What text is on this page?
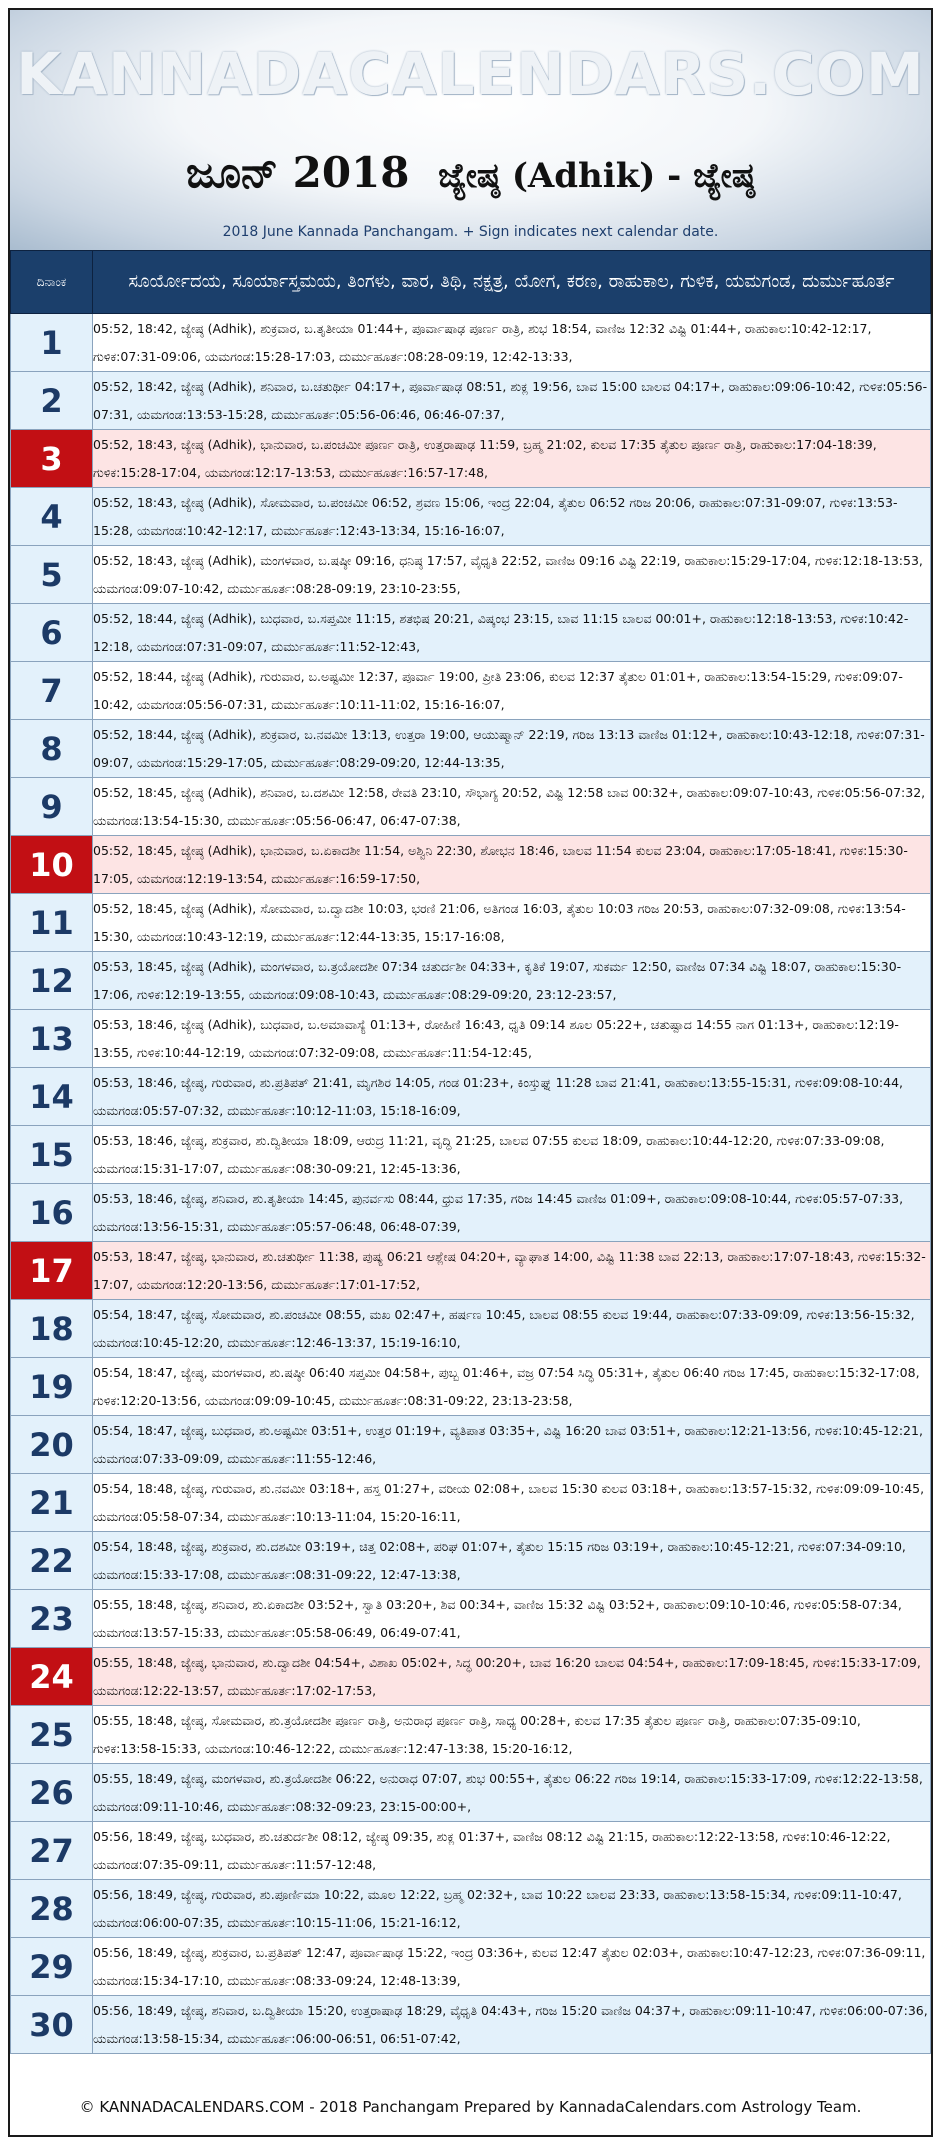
KANNADACALENDARS.COM
ಜೂನ್ 2018 ಜ್ಯೇಷ್ಠ (Adhik) - ಜ್ಯೇಷ್ಠ
2018 June Kannada Panchangam. + Sign indicates next calendar date.
ದಿನಾಂಕ	ಸೂರ್ಯೋದಯ, ಸೂರ್ಯಾಸ್ತಮಯ, ತಿಂಗಳು, ವಾರ, ತಿಥಿ, ನಕ್ಷತ್ರ, ಯೋಗ, ಕರಣ, ರಾಹುಕಾಲ, ಗುಳಿಕ, ಯಮಗಂಡ, ದುರ್ಮುಹೂರ್ತ
1	05:52, 18:42, ಜ್ಯೇಷ್ಠ (Adhik), ಶುಕ್ರವಾರ, ಬ.ತೃತೀಯಾ 01:44+, ಪೂರ್ವಾಷಾಢ ಪೂರ್ಣ ರಾತ್ರಿ, ಶುಭ 18:54, ವಾಣಿಜ 12:32 ವಿಷ್ಟಿ 01:44+, ರಾಹುಕಾಲ:10:42-12:17, ಗುಳಿಕ:07:31-09:06, ಯಮಗಂಡ:15:28-17:03, ದುರ್ಮುಹೂರ್ತ:08:28-09:19, 12:42-13:33,
2	05:52, 18:42, ಜ್ಯೇಷ್ಠ (Adhik), ಶನಿವಾರ, ಬ.ಚತುರ್ಥೀ 04:17+, ಪೂರ್ವಾಷಾಢ 08:51, ಶುಕ್ಲ 19:56, ಬಾವ 15:00 ಬಾಲವ 04:17+, ರಾಹುಕಾಲ:09:06-10:42, ಗುಳಿಕ:05:56-07:31, ಯಮಗಂಡ:13:53-15:28, ದುರ್ಮುಹೂರ್ತ:05:56-06:46, 06:46-07:37,
3	05:52, 18:43, ಜ್ಯೇಷ್ಠ (Adhik), ಭಾನುವಾರ, ಬ.ಪಂಚಮೀ ಪೂರ್ಣ ರಾತ್ರಿ, ಉತ್ತರಾಷಾಢ 11:59, ಬ್ರಹ್ಮ 21:02, ಕುಲವ 17:35 ತೈತುಲ ಪೂರ್ಣ ರಾತ್ರಿ, ರಾಹುಕಾಲ:17:04-18:39, ಗುಳಿಕ:15:28-17:04, ಯಮಗಂಡ:12:17-13:53, ದುರ್ಮುಹೂರ್ತ:16:57-17:48,
4	05:52, 18:43, ಜ್ಯೇಷ್ಠ (Adhik), ಸೋಮವಾರ, ಬ.ಪಂಚಮೀ 06:52, ಶ್ರವಣ 15:06, ಇಂದ್ರ 22:04, ತೈತುಲ 06:52 ಗರಿಜ 20:06, ರಾಹುಕಾಲ:07:31-09:07, ಗುಳಿಕ:13:53-15:28, ಯಮಗಂಡ:10:42-12:17, ದುರ್ಮುಹೂರ್ತ:12:43-13:34, 15:16-16:07,
5	05:52, 18:43, ಜ್ಯೇಷ್ಠ (Adhik), ಮಂಗಳವಾರ, ಬ.ಷಷ್ಠೀ 09:16, ಧನಿಷ್ಠ 17:57, ವೈಧೃತಿ 22:52, ವಾಣಿಜ 09:16 ವಿಷ್ಟಿ 22:19, ರಾಹುಕಾಲ:15:29-17:04, ಗುಳಿಕ:12:18-13:53, ಯಮಗಂಡ:09:07-10:42, ದುರ್ಮುಹೂರ್ತ:08:28-09:19, 23:10-23:55,
6	05:52, 18:44, ಜ್ಯೇಷ್ಠ (Adhik), ಬುಧವಾರ, ಬ.ಸಪ್ತಮೀ 11:15, ಶತಭಿಷ 20:21, ವಿಷ್ಕಂಭ 23:15, ಬಾವ 11:15 ಬಾಲವ 00:01+, ರಾಹುಕಾಲ:12:18-13:53, ಗುಳಿಕ:10:42-12:18, ಯಮಗಂಡ:07:31-09:07, ದುರ್ಮುಹೂರ್ತ:11:52-12:43,
7	05:52, 18:44, ಜ್ಯೇಷ್ಠ (Adhik), ಗುರುವಾರ, ಬ.ಅಷ್ಟಮೀ 12:37, ಪೂರ್ವಾ 19:00, ಪ್ರೀತಿ 23:06, ಕುಲವ 12:37 ತೈತುಲ 01:01+, ರಾಹುಕಾಲ:13:54-15:29, ಗುಳಿಕ:09:07-10:42, ಯಮಗಂಡ:05:56-07:31, ದುರ್ಮುಹೂರ್ತ:10:11-11:02, 15:16-16:07,
8	05:52, 18:44, ಜ್ಯೇಷ್ಠ (Adhik), ಶುಕ್ರವಾರ, ಬ.ನವಮೀ 13:13, ಉತ್ತರಾ 19:00, ಆಯುಷ್ಮಾನ್ 22:19, ಗರಿಜ 13:13 ವಾಣಿಜ 01:12+, ರಾಹುಕಾಲ:10:43-12:18, ಗುಳಿಕ:07:31-09:07, ಯಮಗಂಡ:15:29-17:05, ದುರ್ಮುಹೂರ್ತ:08:29-09:20, 12:44-13:35,
9	05:52, 18:45, ಜ್ಯೇಷ್ಠ (Adhik), ಶನಿವಾರ, ಬ.ದಶಮೀ 12:58, ರೇವತಿ 23:10, ಸೌಭಾಗ್ಯ 20:52, ವಿಷ್ಟಿ 12:58 ಬಾವ 00:32+, ರಾಹುಕಾಲ:09:07-10:43, ಗುಳಿಕ:05:56-07:32, ಯಮಗಂಡ:13:54-15:30, ದುರ್ಮುಹೂರ್ತ:05:56-06:47, 06:47-07:38,
10	05:52, 18:45, ಜ್ಯೇಷ್ಠ (Adhik), ಭಾನುವಾರ, ಬ.ಏಕಾದಶೀ 11:54, ಅಶ್ವಿನಿ 22:30, ಶೋಭನ 18:46, ಬಾಲವ 11:54 ಕುಲವ 23:04, ರಾಹುಕಾಲ:17:05-18:41, ಗುಳಿಕ:15:30-17:05, ಯಮಗಂಡ:12:19-13:54, ದುರ್ಮುಹೂರ್ತ:16:59-17:50,
11	05:52, 18:45, ಜ್ಯೇಷ್ಠ (Adhik), ಸೋಮವಾರ, ಬ.ದ್ವಾದಶೀ 10:03, ಭರಣಿ 21:06, ಅತಿಗಂಡ 16:03, ತೈತುಲ 10:03 ಗರಿಜ 20:53, ರಾಹುಕಾಲ:07:32-09:08, ಗುಳಿಕ:13:54-15:30, ಯಮಗಂಡ:10:43-12:19, ದುರ್ಮುಹೂರ್ತ:12:44-13:35, 15:17-16:08,
12	05:53, 18:45, ಜ್ಯೇಷ್ಠ (Adhik), ಮಂಗಳವಾರ, ಬ.ತ್ರಯೋದಶೀ 07:34 ಚತುರ್ದಶೀ 04:33+, ಕೃತಿಕೆ 19:07, ಸುಕರ್ಮ 12:50, ವಾಣಿಜ 07:34 ವಿಷ್ಟಿ 18:07, ರಾಹುಕಾಲ:15:30-17:06, ಗುಳಿಕ:12:19-13:55, ಯಮಗಂಡ:09:08-10:43, ದುರ್ಮುಹೂರ್ತ:08:29-09:20, 23:12-23:57,
13	05:53, 18:46, ಜ್ಯೇಷ್ಠ (Adhik), ಬುಧವಾರ, ಬ.ಅಮಾವಾಸ್ಯೆ 01:13+, ರೋಹಿಣಿ 16:43, ಧೃತಿ 09:14 ಶೂಲ 05:22+, ಚತುಷ್ಪಾದ 14:55 ನಾಗ 01:13+, ರಾಹುಕಾಲ:12:19-13:55, ಗುಳಿಕ:10:44-12:19, ಯಮಗಂಡ:07:32-09:08, ದುರ್ಮುಹೂರ್ತ:11:54-12:45,
14	05:53, 18:46, ಜ್ಯೇಷ್ಠ, ಗುರುವಾರ, ಶು.ಪ್ರತಿಪತ್ 21:41, ಮೃಗಶಿರ 14:05, ಗಂಡ 01:23+, ಕಿಂಸ್ತುಘ್ನ 11:28 ಬಾವ 21:41, ರಾಹುಕಾಲ:13:55-15:31, ಗುಳಿಕ:09:08-10:44, ಯಮಗಂಡ:05:57-07:32, ದುರ್ಮುಹೂರ್ತ:10:12-11:03, 15:18-16:09,
15	05:53, 18:46, ಜ್ಯೇಷ್ಠ, ಶುಕ್ರವಾರ, ಶು.ದ್ವಿತೀಯಾ 18:09, ಆರುದ್ರ 11:21, ವೃದ್ಧಿ 21:25, ಬಾಲವ 07:55 ಕುಲವ 18:09, ರಾಹುಕಾಲ:10:44-12:20, ಗುಳಿಕ:07:33-09:08, ಯಮಗಂಡ:15:31-17:07, ದುರ್ಮುಹೂರ್ತ:08:30-09:21, 12:45-13:36,
16	05:53, 18:46, ಜ್ಯೇಷ್ಠ, ಶನಿವಾರ, ಶು.ತೃತೀಯಾ 14:45, ಪುನರ್ವಸು 08:44, ಧ್ರುವ 17:35, ಗರಿಜ 14:45 ವಾಣಿಜ 01:09+, ರಾಹುಕಾಲ:09:08-10:44, ಗುಳಿಕ:05:57-07:33, ಯಮಗಂಡ:13:56-15:31, ದುರ್ಮುಹೂರ್ತ:05:57-06:48, 06:48-07:39,
17	05:53, 18:47, ಜ್ಯೇಷ್ಠ, ಭಾನುವಾರ, ಶು.ಚತುರ್ಥೀ 11:38, ಪುಷ್ಯ 06:21 ಆಶ್ಲೇಷ 04:20+, ವ್ಯಾಘಾತ 14:00, ವಿಷ್ಟಿ 11:38 ಬಾವ 22:13, ರಾಹುಕಾಲ:17:07-18:43, ಗುಳಿಕ:15:32-17:07, ಯಮಗಂಡ:12:20-13:56, ದುರ್ಮುಹೂರ್ತ:17:01-17:52,
18	05:54, 18:47, ಜ್ಯೇಷ್ಠ, ಸೋಮವಾರ, ಶು.ಪಂಚಮೀ 08:55, ಮಖ 02:47+, ಹರ್ಷಣ 10:45, ಬಾಲವ 08:55 ಕುಲವ 19:44, ರಾಹುಕಾಲ:07:33-09:09, ಗುಳಿಕ:13:56-15:32, ಯಮಗಂಡ:10:45-12:20, ದುರ್ಮುಹೂರ್ತ:12:46-13:37, 15:19-16:10,
19	05:54, 18:47, ಜ್ಯೇಷ್ಠ, ಮಂಗಳವಾರ, ಶು.ಷಷ್ಠೀ 06:40 ಸಪ್ತಮೀ 04:58+, ಪುಬ್ಬ 01:46+, ವಜ್ರ 07:54 ಸಿದ್ಧಿ 05:31+, ತೈತುಲ 06:40 ಗರಿಜ 17:45, ರಾಹುಕಾಲ:15:32-17:08, ಗುಳಿಕ:12:20-13:56, ಯಮಗಂಡ:09:09-10:45, ದುರ್ಮುಹೂರ್ತ:08:31-09:22, 23:13-23:58,
20	05:54, 18:47, ಜ್ಯೇಷ್ಠ, ಬುಧವಾರ, ಶು.ಅಷ್ಟಮೀ 03:51+, ಉತ್ತರ 01:19+, ವ್ಯತಿಪಾತ 03:35+, ವಿಷ್ಟಿ 16:20 ಬಾವ 03:51+, ರಾಹುಕಾಲ:12:21-13:56, ಗುಳಿಕ:10:45-12:21, ಯಮಗಂಡ:07:33-09:09, ದುರ್ಮುಹೂರ್ತ:11:55-12:46,
21	05:54, 18:48, ಜ್ಯೇಷ್ಠ, ಗುರುವಾರ, ಶು.ನವಮೀ 03:18+, ಹಸ್ತ 01:27+, ವರೀಯ 02:08+, ಬಾಲವ 15:30 ಕುಲವ 03:18+, ರಾಹುಕಾಲ:13:57-15:32, ಗುಳಿಕ:09:09-10:45, ಯಮಗಂಡ:05:58-07:34, ದುರ್ಮುಹೂರ್ತ:10:13-11:04, 15:20-16:11,
22	05:54, 18:48, ಜ್ಯೇಷ್ಠ, ಶುಕ್ರವಾರ, ಶು.ದಶಮೀ 03:19+, ಚಿತ್ತ 02:08+, ಪರಿಘ 01:07+, ತೈತುಲ 15:15 ಗರಿಜ 03:19+, ರಾಹುಕಾಲ:10:45-12:21, ಗುಳಿಕ:07:34-09:10, ಯಮಗಂಡ:15:33-17:08, ದುರ್ಮುಹೂರ್ತ:08:31-09:22, 12:47-13:38,
23	05:55, 18:48, ಜ್ಯೇಷ್ಠ, ಶನಿವಾರ, ಶು.ಏಕಾದಶೀ 03:52+, ಸ್ವಾತಿ 03:20+, ಶಿವ 00:34+, ವಾಣಿಜ 15:32 ವಿಷ್ಟಿ 03:52+, ರಾಹುಕಾಲ:09:10-10:46, ಗುಳಿಕ:05:58-07:34, ಯಮಗಂಡ:13:57-15:33, ದುರ್ಮುಹೂರ್ತ:05:58-06:49, 06:49-07:41,
24	05:55, 18:48, ಜ್ಯೇಷ್ಠ, ಭಾನುವಾರ, ಶು.ದ್ವಾದಶೀ 04:54+, ವಿಶಾಖ 05:02+, ಸಿದ್ಧ 00:20+, ಬಾವ 16:20 ಬಾಲವ 04:54+, ರಾಹುಕಾಲ:17:09-18:45, ಗುಳಿಕ:15:33-17:09, ಯಮಗಂಡ:12:22-13:57, ದುರ್ಮುಹೂರ್ತ:17:02-17:53,
25	05:55, 18:48, ಜ್ಯೇಷ್ಠ, ಸೋಮವಾರ, ಶು.ತ್ರಯೋದಶೀ ಪೂರ್ಣ ರಾತ್ರಿ, ಅನುರಾಧ ಪೂರ್ಣ ರಾತ್ರಿ, ಸಾಧ್ಯ 00:28+, ಕುಲವ 17:35 ತೈತುಲ ಪೂರ್ಣ ರಾತ್ರಿ, ರಾಹುಕಾಲ:07:35-09:10, ಗುಳಿಕ:13:58-15:33, ಯಮಗಂಡ:10:46-12:22, ದುರ್ಮುಹೂರ್ತ:12:47-13:38, 15:20-16:12,
26	05:55, 18:49, ಜ್ಯೇಷ್ಠ, ಮಂಗಳವಾರ, ಶು.ತ್ರಯೋದಶೀ 06:22, ಅನುರಾಧ 07:07, ಶುಭ 00:55+, ತೈತುಲ 06:22 ಗರಿಜ 19:14, ರಾಹುಕಾಲ:15:33-17:09, ಗುಳಿಕ:12:22-13:58, ಯಮಗಂಡ:09:11-10:46, ದುರ್ಮುಹೂರ್ತ:08:32-09:23, 23:15-00:00+,
27	05:56, 18:49, ಜ್ಯೇಷ್ಠ, ಬುಧವಾರ, ಶು.ಚತುರ್ದಶೀ 08:12, ಜ್ಯೇಷ್ಠ 09:35, ಶುಕ್ಲ 01:37+, ವಾಣಿಜ 08:12 ವಿಷ್ಟಿ 21:15, ರಾಹುಕಾಲ:12:22-13:58, ಗುಳಿಕ:10:46-12:22, ಯಮಗಂಡ:07:35-09:11, ದುರ್ಮುಹೂರ್ತ:11:57-12:48,
28	05:56, 18:49, ಜ್ಯೇಷ್ಠ, ಗುರುವಾರ, ಶು.ಪೂರ್ಣಿಮಾ 10:22, ಮೂಲ 12:22, ಬ್ರಹ್ಮ 02:32+, ಬಾವ 10:22 ಬಾಲವ 23:33, ರಾಹುಕಾಲ:13:58-15:34, ಗುಳಿಕ:09:11-10:47, ಯಮಗಂಡ:06:00-07:35, ದುರ್ಮುಹೂರ್ತ:10:15-11:06, 15:21-16:12,
29	05:56, 18:49, ಜ್ಯೇಷ್ಠ, ಶುಕ್ರವಾರ, ಬ.ಪ್ರತಿಪತ್ 12:47, ಪೂರ್ವಾಷಾಢ 15:22, ಇಂದ್ರ 03:36+, ಕುಲವ 12:47 ತೈತುಲ 02:03+, ರಾಹುಕಾಲ:10:47-12:23, ಗುಳಿಕ:07:36-09:11, ಯಮಗಂಡ:15:34-17:10, ದುರ್ಮುಹೂರ್ತ:08:33-09:24, 12:48-13:39,
30	05:56, 18:49, ಜ್ಯೇಷ್ಠ, ಶನಿವಾರ, ಬ.ದ್ವಿತೀಯಾ 15:20, ಉತ್ತರಾಷಾಢ 18:29, ವೈಧೃತಿ 04:43+, ಗರಿಜ 15:20 ವಾಣಿಜ 04:37+, ರಾಹುಕಾಲ:09:11-10:47, ಗುಳಿಕ:06:00-07:36, ಯಮಗಂಡ:13:58-15:34, ದುರ್ಮುಹೂರ್ತ:06:00-06:51, 06:51-07:42,
© KANNADACALENDARS.COM - 2018 Panchangam Prepared by KannadaCalendars.com Astrology Team.
